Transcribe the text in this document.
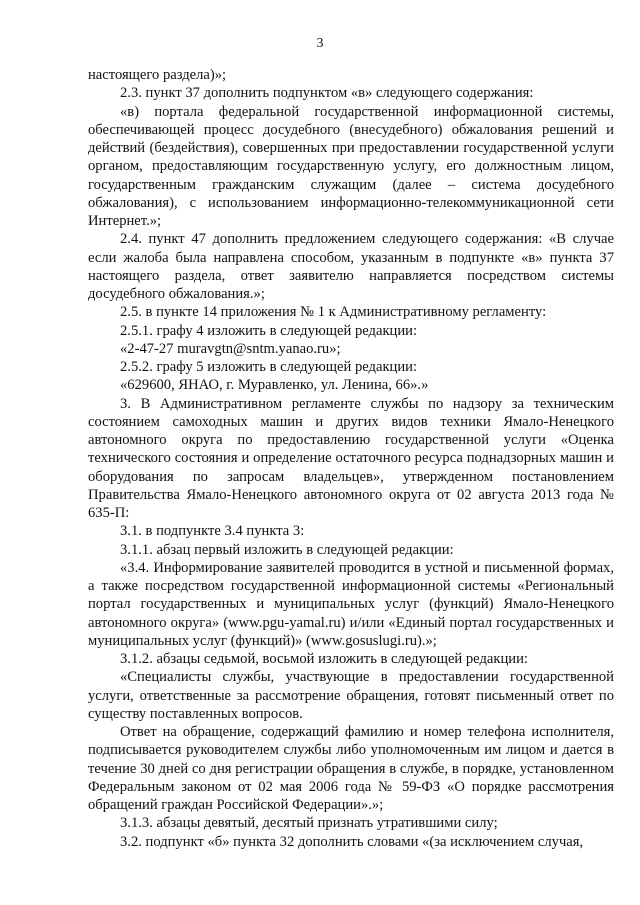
3

настоящего раздела)»;

2.3. пункт 37 дополнить подпунктом «в» следующего содержания:

«в) портала федеральной государственной информационной системы, обеспечивающей процесс досудебного (внесудебного) обжалования решений и действий (бездействия), совершенных при предоставлении государственной услуги органом, предоставляющим государственную услугу, его должностным лицом, государственным гражданским служащим (далее – система досудебного обжалования), с использованием информационно-телекоммуникационной сети Интернет.»;

2.4. пункт 47 дополнить предложением следующего содержания: «В случае если жалоба была направлена способом, указанным в подпункте «в» пункта 37 настоящего раздела, ответ заявителю направляется посредством системы досудебного обжалования.»;

2.5. в пункте 14 приложения № 1 к Административному регламенту:

2.5.1. графу 4 изложить в следующей редакции:

«2-47-27 muravgtn@sntm.yanao.ru»;

2.5.2. графу 5 изложить в следующей редакции:

«629600, ЯНАО, г. Муравленко, ул. Ленина, 66».»

3. В Административном регламенте службы по надзору за техническим состоянием самоходных машин и других видов техники Ямало-Ненецкого автономного округа по предоставлению государственной услуги «Оценка технического состояния и определение остаточного ресурса поднадзорных машин и оборудования по запросам владельцев», утвержденном постановлением Правительства Ямало-Ненецкого автономного округа от 02 августа 2013 года № 635-П:

3.1. в подпункте 3.4 пункта 3:

3.1.1. абзац первый изложить в следующей редакции:

«3.4. Информирование заявителей проводится в устной и письменной формах, а также посредством государственной информационной системы «Региональный портал государственных и муниципальных услуг (функций) Ямало-Ненецкого автономного округа» (www.pgu-yamal.ru) и/или «Единый портал государственных и муниципальных услуг (функций)» (www.gosuslugi.ru).»;

3.1.2. абзацы седьмой, восьмой изложить в следующей редакции:

«Специалисты службы, участвующие в предоставлении государственной услуги, ответственные за рассмотрение обращения, готовят письменный ответ по существу поставленных вопросов.

Ответ на обращение, содержащий фамилию и номер телефона исполнителя, подписывается руководителем службы либо уполномоченным им лицом и дается в течение 30 дней со дня регистрации обращения в службе, в порядке, установленном Федеральным законом от 02 мая 2006 года № 59-ФЗ «О порядке рассмотрения обращений граждан Российской Федерации».»;

3.1.3. абзацы девятый, десятый признать утратившими силу;

3.2. подпункт «б» пункта 32 дополнить словами «(за исключением случая,
